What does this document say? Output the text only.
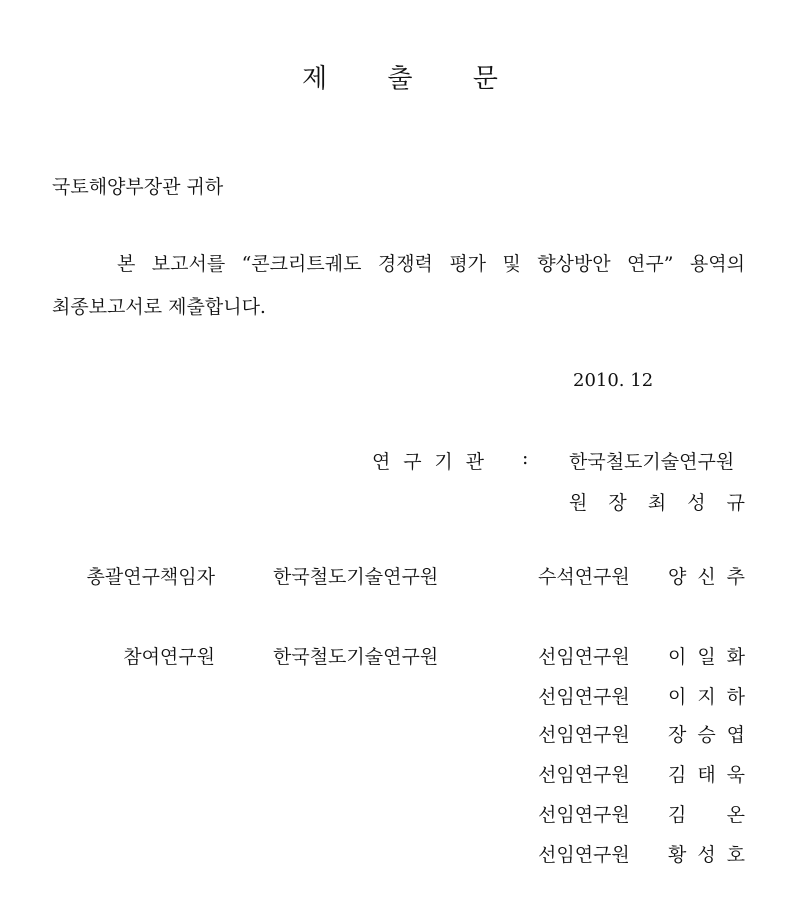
제 출 문
국토해양부장관 귀하
본 보고서를 “콘크리트궤도 경쟁력 평가 및 향상방안 연구” 용역의
최종보고서로 제출합니다.
2010. 12
연 구 기 관 : 한국철도기술연구원
원 장 최 성 규
총괄연구책임자	한국철도기술연구원	수석연구원 양 신 추
참여연구원	한국철도기술연구원	선임연구원 이 일 화
선임연구원 이 지 하
선임연구원 장 승 엽
선임연구원 김 태 욱
선임연구원 김 온
선임연구원 황 성 호
